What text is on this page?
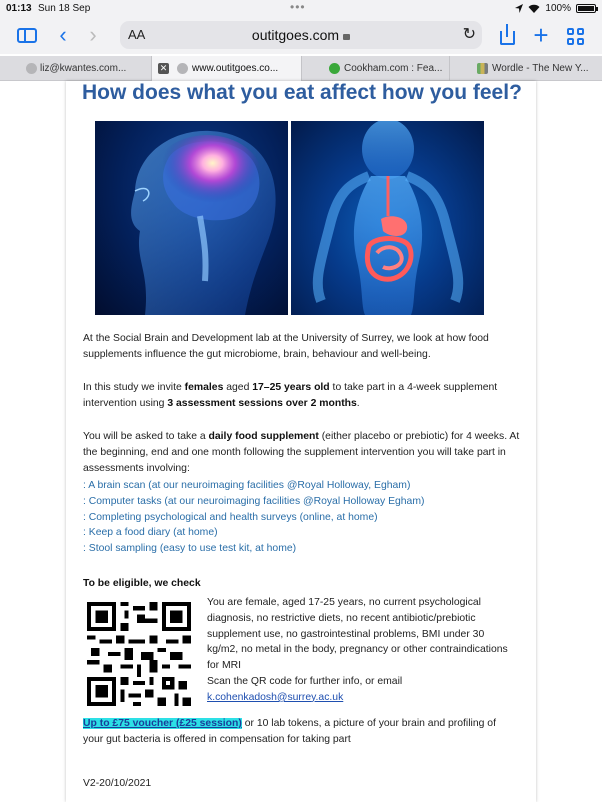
01:13 Sun 18 Sep	•••	100%
‹	›	AA	outitgoes.com	↻ +
liz@kwantes.com...	✕ www.outitgoes.co...	Cookham.com : Fea...	Wordle - The New Y...
How does what you eat affect how you feel?

At the Social Brain and Development lab at the University of Surrey, we look at how food supplements influence the gut microbiome, brain, behaviour and well-being.

In this study we invite females aged 17–25 years old to take part in a 4-week supplement intervention using 3 assessment sessions over 2 months.

You will be asked to take a daily food supplement (either placebo or prebiotic) for 4 weeks. At the beginning, end and one month following the supplement intervention you will take part in assessments involving:

: A brain scan (at our neuroimaging facilities @Royal Holloway, Egham)
: Computer tasks (at our neuroimaging facilities @Royal Holloway Egham)
: Completing psychological and health surveys (online, at home)
: Keep a food diary (at home)
: Stool sampling (easy to use test kit, at home)

To be eligible, we check

You are female, aged 17-25 years, no current psychological diagnosis, no restrictive diets, no recent antibiotic/prebiotic supplement use, no gastrointestinal problems, BMI under 30 kg/m2, no metal in the body, pregnancy or other contraindications for MRI
Scan the QR code for further info, or email
k.cohenkadosh@surrey.ac.uk

Up to £75 voucher (£25 session) or 10 lab tokens, a picture of your brain and profiling of your gut bacteria is offered in compensation for taking part

V2-20/10/2021
